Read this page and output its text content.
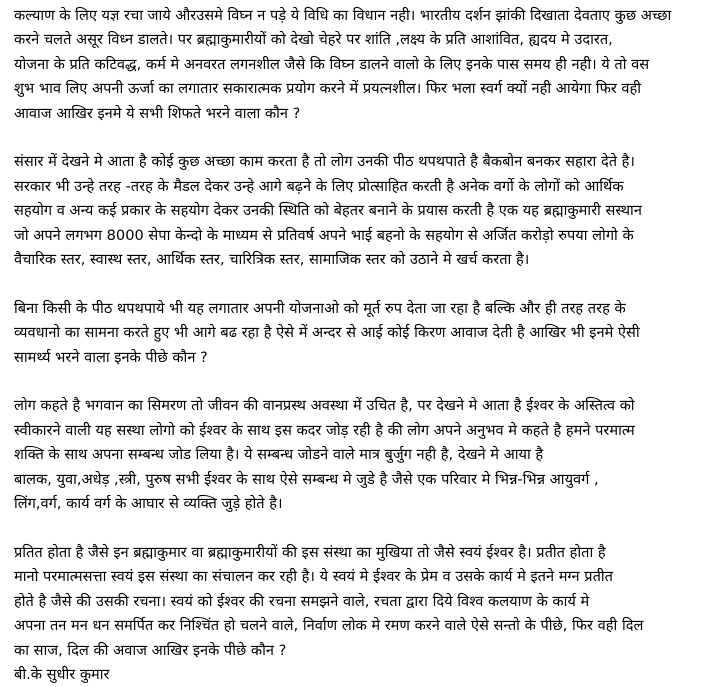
कल्याण के लिए यज्ञ रचा जाये औरउसमे विघ्न न पड़े ये विधि का विधान नही। भारतीय दर्शन झांकी दिखाता देवताए कुछ अच्छा
करने चलते असूर विध्न डालते। पर ब्रह्माकुमारीयों को देखो चेहरे पर शांति ,लक्ष्य के प्रति आशांवित, ह्यदय मे उदारत,
योजना के प्रति कटिवद्ध, कर्म मे अनवरत लगनशील जैसे कि विघ्न डालने वालो के लिए इनके पास समय ही नही। ये तो वस
शुभ भाव लिए अपनी ऊर्जा का लगातार सकारात्मक प्रयोग करने में प्रयत्नशील। फिर भला स्वर्ग क्यों नही आयेगा फिर वही
आवाज आखिर इनमे ये सभी शिफते भरने वाला कौन ?
संसार में देखने मे आता है कोई कुछ अच्छा काम करता है तो लोग उनकी पीठ थपथपाते है बैकबोन बनकर सहारा देते है।
सरकार भी उन्हे तरह -तरह के मैडल देकर उन्हे आगे बढ़ने के लिए प्रोत्साहित करती है अनेक वर्गो के लोगों को आर्थिक
सहयोग व अन्य कई प्रकार के सहयोग देकर उनकी स्थिति को बेहतर बनाने के प्रयास करती है एक यह ब्रह्माकुमारी सस्थान
जो अपने लगभग 8000 सेपा केन्दो के माध्यम से प्रतिवर्ष अपने भाई बहनो के सहयोग से अर्जित करोड़ो रुपया लोगो के
वैचारिक स्तर, स्वास्थ स्तर, आर्थिक स्तर, चारित्रिक स्तर, सामाजिक स्तर को उठाने मे खर्च करता है।
बिना किसी के पीठ थपथपाये भी यह लगातार अपनी योजनाओ को मूर्त रुप देता जा रहा है बल्कि और ही तरह तरह के
व्यवधानो का सामना करते हुए भी आगे बढ रहा है ऐसे में अन्दर से आई कोई किरण आवाज देती है आखिर भी इनमे ऐसी
सामर्थ्य भरने वाला इनके पीछे कौन ?
लोग कहते है भगवान का सिमरण तो जीवन की वानप्रस्थ अवस्था में उचित है, पर देखने मे आता है ईश्वर के अस्तित्व को
स्वीकारने वाली यह सस्था लोगो को ईश्वर के साथ इस कदर जोड़ रही है की लोग अपने अनुभव मे कहते है हमने परमात्म
शक्ति के साथ अपना सम्बन्ध जोड लिया है। ये सम्बन्ध जोडने वाले मात्र बुर्जुग नही है, देखने मे आया है
बालक, युवा,अधेड़ ,स्त्री, पुरुष सभी ईश्वर के साथ ऐसे सम्बन्ध मे जुडे है जैसे एक परिवार मे भिन्न-भिन्न आयुवर्ग ,
लिंग,वर्ग, कार्य वर्ग के आघार से व्यक्ति जुड़े होते है।
प्रतित होता है जैसे इन ब्रह्माकुमार वा ब्रह्माकुमारीयों की इस संस्था का मुखिया तो जैसे स्वयं ईश्वर है। प्रतीत होता है
मानो परमात्मसत्ता स्वयं इस संस्था का संचालन कर रही है। ये स्वयं मे ईश्वर के प्रेम व उसके कार्य मे इतने मग्न प्रतीत
होते है जैसे की उसकी रचना। स्वयं को ईश्वर की रचना समझने वाले, रचता द्वारा दिये विश्व कलयाण के कार्य मे
अपना तन मन धन समर्पित कर निश्चिंत हो चलने वाले, निर्वाण लोक मे रमण करने वाले ऐसे सन्तो के पीछे, फिर वही दिल
का साज, दिल की अवाज आखिर इनके पीछे कौन ?
बी.के सुधीर कुमार
